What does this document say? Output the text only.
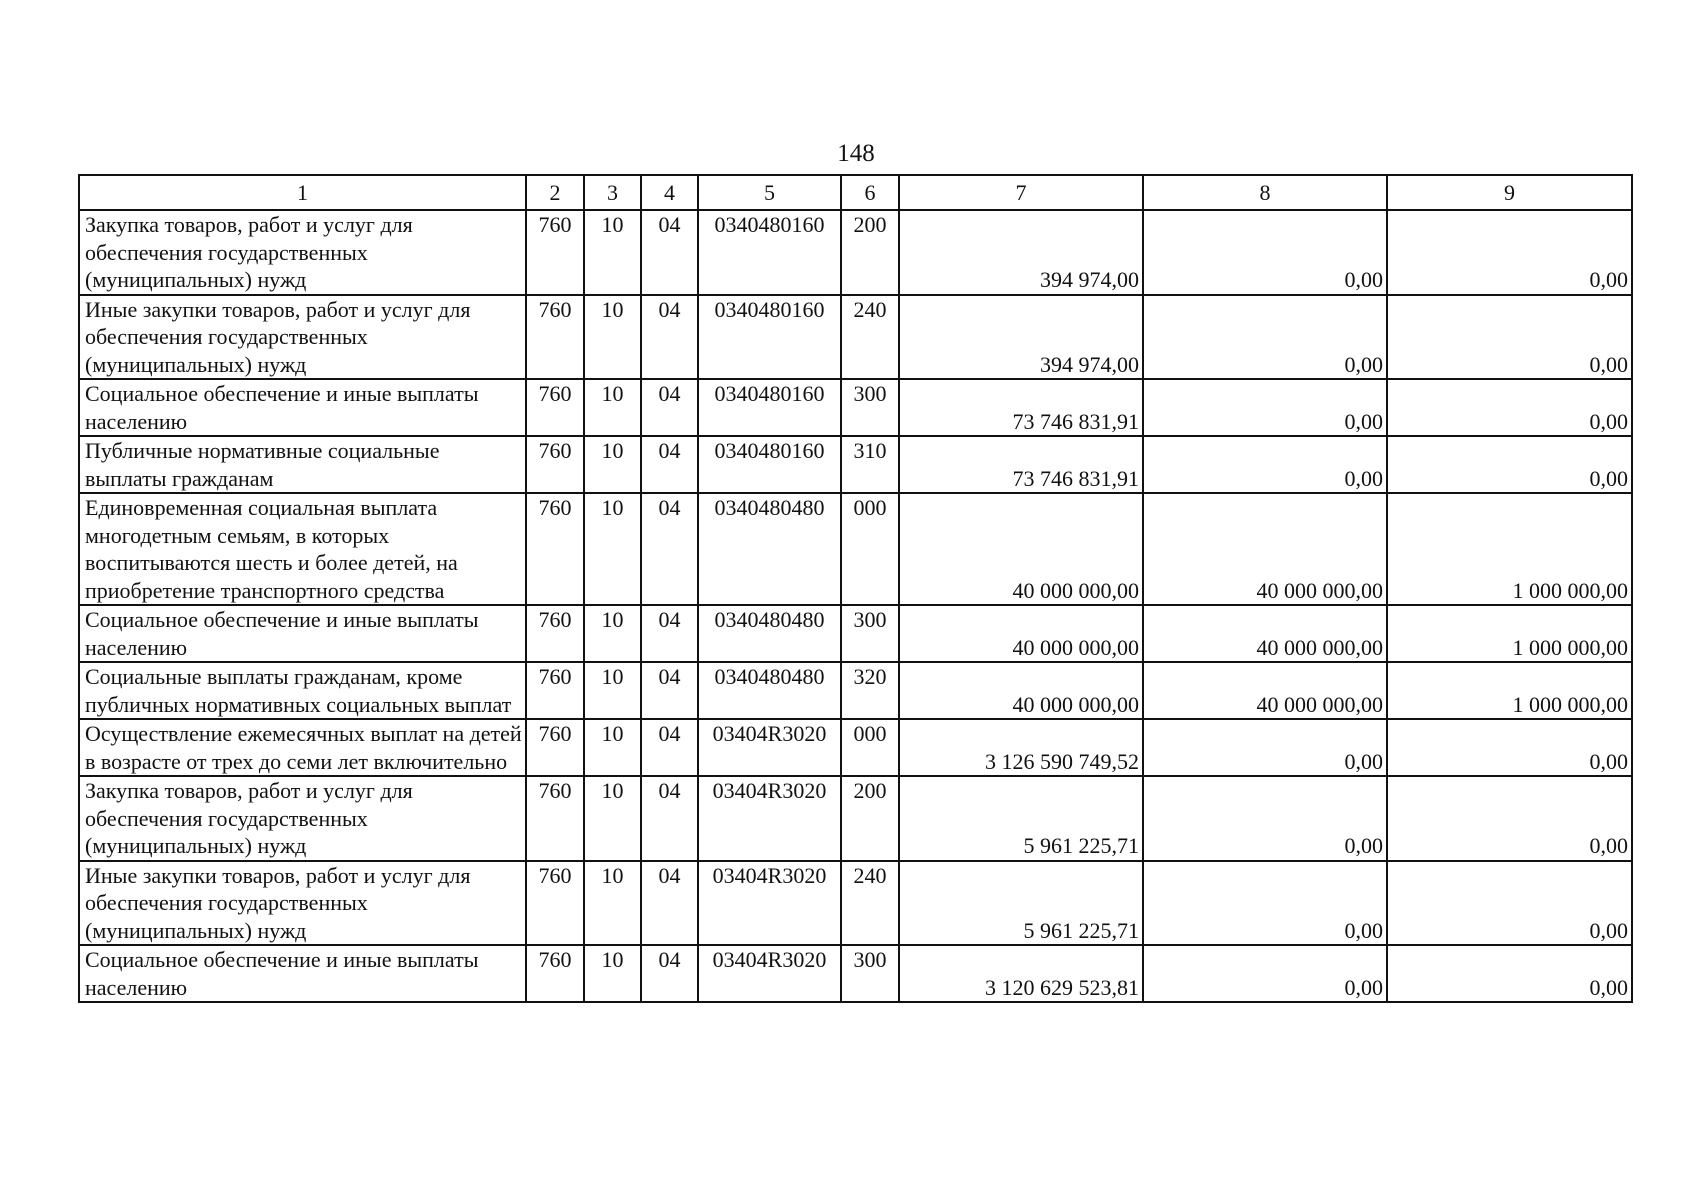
148
1	2	3	4	5	6	7	8	9
Закупка товаров, работ и услуг для обеспечения государственных (муниципальных) нужд	760	10	04	0340480160	200	394 974,00	0,00	0,00
Иные закупки товаров, работ и услуг для обеспечения государственных (муниципальных) нужд	760	10	04	0340480160	240	394 974,00	0,00	0,00
Социальное обеспечение и иные выплаты населению	760	10	04	0340480160	300	73 746 831,91	0,00	0,00
Публичные нормативные социальные выплаты гражданам	760	10	04	0340480160	310	73 746 831,91	0,00	0,00
Единовременная социальная выплата многодетным семьям, в которых воспитываются шесть и более детей, на приобретение транспортного средства	760	10	04	0340480480	000	40 000 000,00	40 000 000,00	1 000 000,00
Социальное обеспечение и иные выплаты населению	760	10	04	0340480480	300	40 000 000,00	40 000 000,00	1 000 000,00
Социальные выплаты гражданам, кроме публичных нормативных социальных выплат	760	10	04	0340480480	320	40 000 000,00	40 000 000,00	1 000 000,00
Осуществление ежемесячных выплат на детей в возрасте от трех до семи лет включительно	760	10	04	03404R3020	000	3 126 590 749,52	0,00	0,00
Закупка товаров, работ и услуг для обеспечения государственных (муниципальных) нужд	760	10	04	03404R3020	200	5 961 225,71	0,00	0,00
Иные закупки товаров, работ и услуг для обеспечения государственных (муниципальных) нужд	760	10	04	03404R3020	240	5 961 225,71	0,00	0,00
Социальное обеспечение и иные выплаты населению	760	10	04	03404R3020	300	3 120 629 523,81	0,00	0,00
